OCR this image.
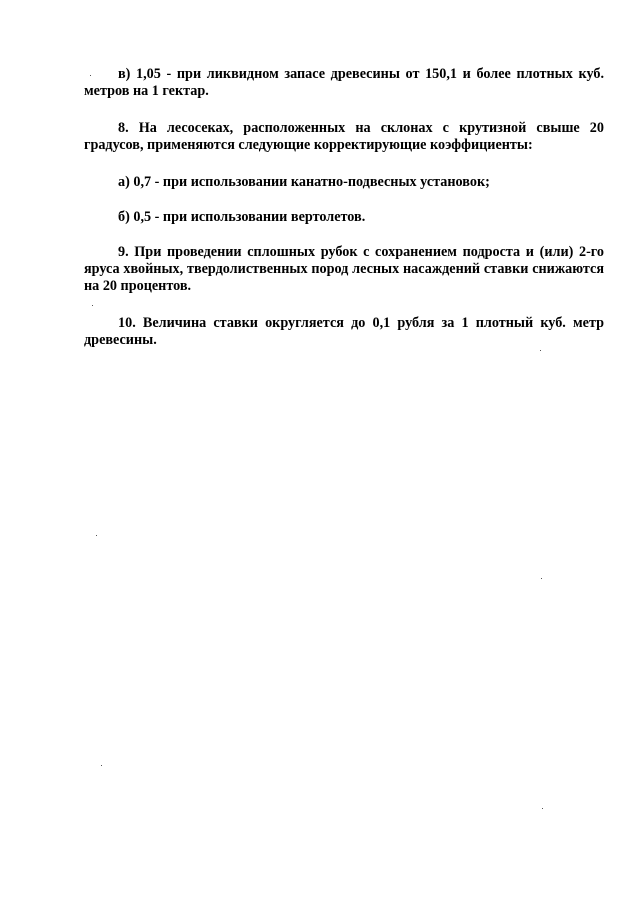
в) 1,05 - при ликвидном запасе древесины от 150,1 и более плотных куб. метров на 1 гектар.

8. На лесосеках, расположенных на склонах с крутизной свыше 20 градусов, применяются следующие корректирующие коэффициенты:

а) 0,7 - при использовании канатно-подвесных установок;

б) 0,5 - при использовании вертолетов.

9. При проведении сплошных рубок с сохранением подроста и (или) 2-го яруса хвойных, твердолиственных пород лесных насаждений ставки снижаются на 20 процентов.

10. Величина ставки округляется до 0,1 рубля за 1 плотный куб. метр древесины.
